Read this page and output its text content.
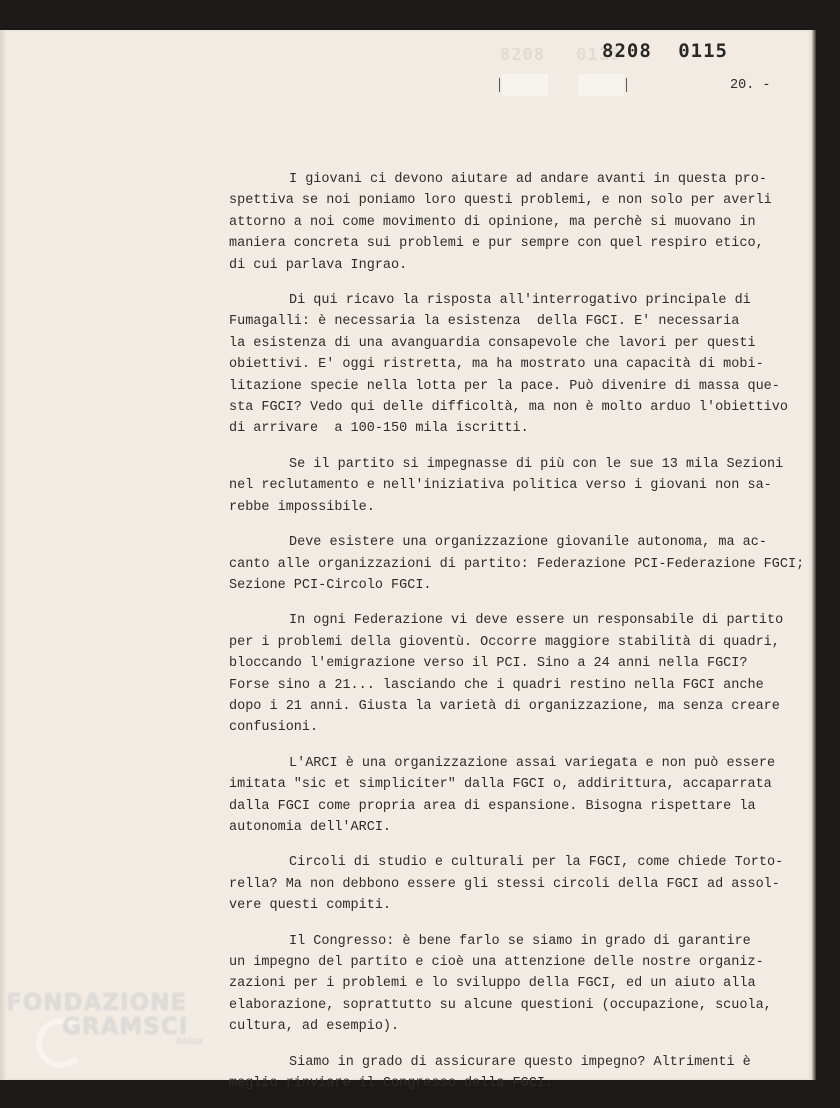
8208 0115
8208 0115
20. -
I giovani ci devono aiutare ad andare avanti in questa pro-
spettiva se noi poniamo loro questi problemi, e non solo per averli
attorno a noi come movimento di opinione, ma perchè si muovano in
maniera concreta sui problemi e pur sempre con quel respiro etico,
di cui parlava Ingrao.
Di qui ricavo la risposta all'interrogativo principale di
Fumagalli: è necessaria la esistenza  della FGCI. E' necessaria
la esistenza di una avanguardia consapevole che lavori per questi
obiettivi. E' oggi ristretta, ma ha mostrato una capacità di mobi-
litazione specie nella lotta per la pace. Può divenire di massa que-
sta FGCI? Vedo qui delle difficoltà, ma non è molto arduo l'obiettivo
di arrivare  a 100-150 mila iscritti.
Se il partito si impegnasse di più con le sue 13 mila Sezioni
nel reclutamento e nell'iniziativa politica verso i giovani non sa-
rebbe impossibile.
Deve esistere una organizzazione giovanile autonoma, ma ac-
canto alle organizzazioni di partito: Federazione PCI-Federazione FGCI;
Sezione PCI-Circolo FGCI.
In ogni Federazione vi deve essere un responsabile di partito
per i problemi della gioventù. Occorre maggiore stabilità di quadri,
bloccando l'emigrazione verso il PCI. Sino a 24 anni nella FGCI?
Forse sino a 21... lasciando che i quadri restino nella FGCI anche
dopo i 21 anni. Giusta la varietà di organizzazione, ma senza creare
confusioni.
L'ARCI è una organizzazione assai variegata e non può essere
imitata "sic et simpliciter" dalla FGCI o, addirittura, accaparrata
dalla FGCI come propria area di espansione. Bisogna rispettare la
autonomia dell'ARCI.
Circoli di studio e culturali per la FGCI, come chiede Torto-
rella? Ma non debbono essere gli stessi circoli della FGCI ad assol-
vere questi compiti.
Il Congresso: è bene farlo se siamo in grado di garantire
un impegno del partito e cioè una attenzione delle nostre organiz-
zazioni per i problemi e lo sviluppo della FGCI, ed un aiuto alla
elaborazione, soprattutto su alcune questioni (occupazione, scuola,
cultura, ad esempio).
Siamo in grado di assicurare questo impegno? Altrimenti è
meglio rinviare il Congresso della FGCI.
FONDAZIONE
GRAMSCI
onlus
